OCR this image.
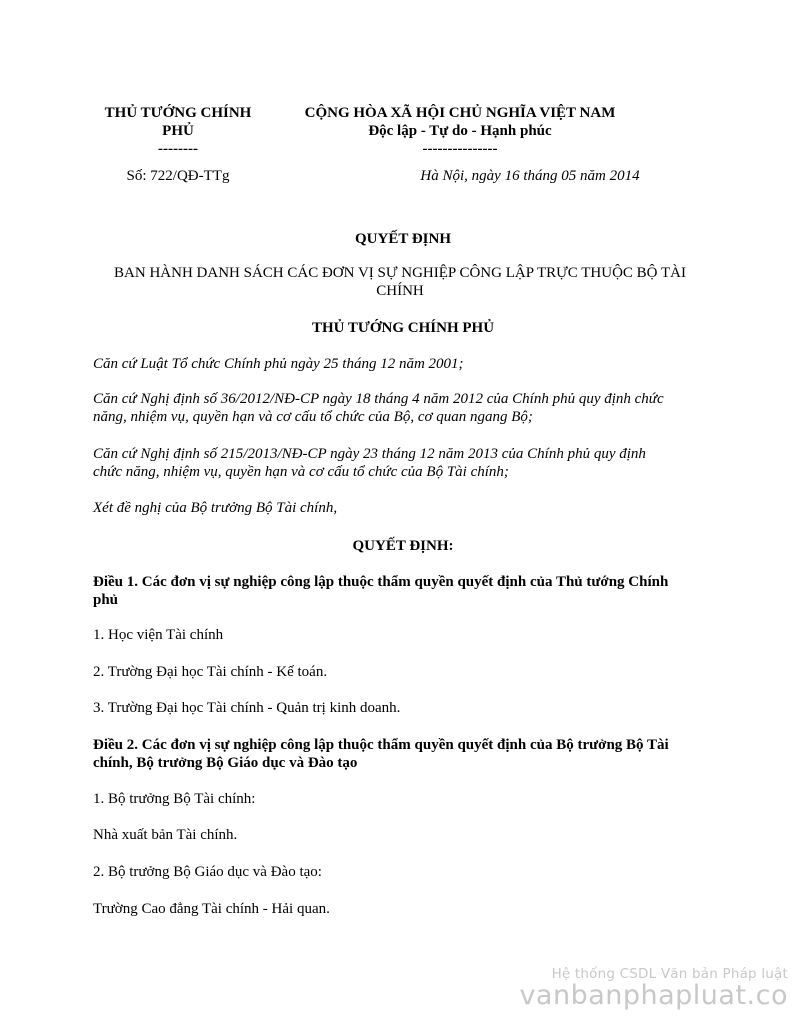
THỦ TƯỚNG CHÍNH
PHỦ
--------
Số: 722/QĐ-TTg
CỘNG HÒA XÃ HỘI CHỦ NGHĨA VIỆT NAM
Độc lập - Tự do - Hạnh phúc
---------------
Hà Nội, ngày 16 tháng 05 năm 2014
QUYẾT ĐỊNH
BAN HÀNH DANH SÁCH CÁC ĐƠN VỊ SỰ NGHIỆP CÔNG LẬP TRỰC THUỘC BỘ TÀI
CHÍNH
THỦ TƯỚNG CHÍNH PHỦ
Căn cứ Luật Tổ chức Chính phủ ngày 25 tháng 12 năm 2001;
Căn cứ Nghị định số 36/2012/NĐ-CP ngày 18 tháng 4 năm 2012 của Chính phủ quy định chức
năng, nhiệm vụ, quyền hạn và cơ cấu tổ chức của Bộ, cơ quan ngang Bộ;
Căn cứ Nghị định số 215/2013/NĐ-CP ngày 23 tháng 12 năm 2013 của Chính phủ quy định
chức năng, nhiệm vụ, quyền hạn và cơ cấu tổ chức của Bộ Tài chính;
Xét đề nghị của Bộ trưởng Bộ Tài chính,
QUYẾT ĐỊNH:
Điều 1. Các đơn vị sự nghiệp công lập thuộc thẩm quyền quyết định của Thủ tướng Chính
phủ
1. Học viện Tài chính
2. Trường Đại học Tài chính - Kế toán.
3. Trường Đại học Tài chính - Quản trị kinh doanh.
Điều 2. Các đơn vị sự nghiệp công lập thuộc thẩm quyền quyết định của Bộ trưởng Bộ Tài
chính, Bộ trưởng Bộ Giáo dục và Đào tạo
1. Bộ trưởng Bộ Tài chính:
Nhà xuất bản Tài chính.
2. Bộ trưởng Bộ Giáo dục và Đào tạo:
Trường Cao đẳng Tài chính - Hải quan.
Hệ thống CSDL Văn bản Pháp luật
vanbanphapluat.co
